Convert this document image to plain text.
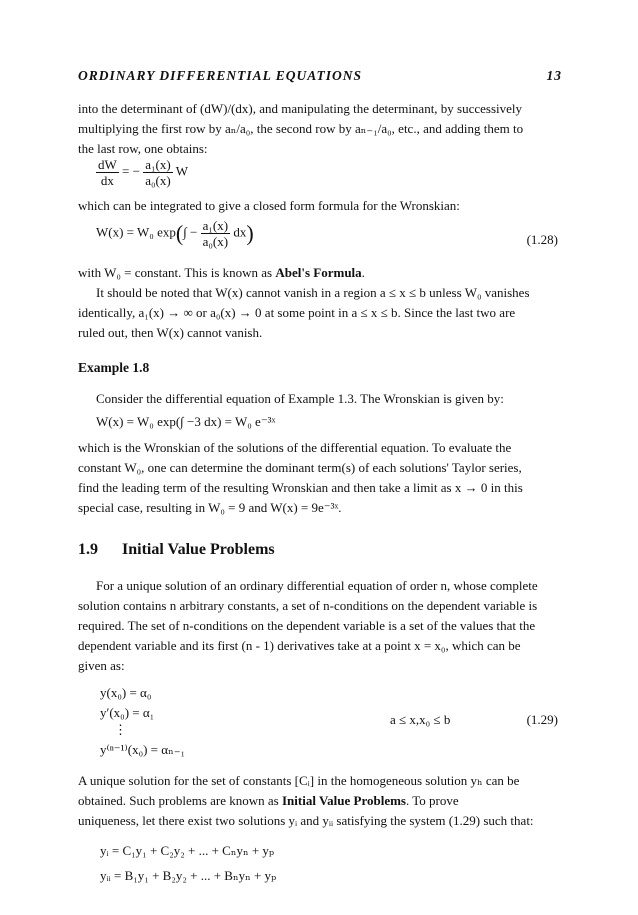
ORDINARY DIFFERENTIAL EQUATIONS	13
into the determinant of (dW)/(dx), and manipulating the determinant, by successively
multiplying the first row by aₙ/a₀, the second row by aₙ₋₁/a₀, etc., and adding them to
the last row, one obtains:
$\frac{dW}{dx}$ = − $\frac{\text{a₁(x)}}{\text{a₀(x)}}$ W
which can be integrated to give a closed form formula for the Wronskian:
W(x) = W₀ $\exp(\int - \frac{\text{a₁(x)}}{\text{a₀(x)}} dx)$	(1.28)
with W₀ = constant. This is known as Abel's Formula.
It should be noted that W(x) cannot vanish in a region a ≤ x ≤ b unless W₀ vanishes
identically, a₁(x) → ∞ or a₀(x) → 0 at some point in a ≤ x ≤ b. Since the last two are
ruled out, then W(x) cannot vanish.
Example 1.8
Consider the differential equation of Example 1.3. The Wronskian is given by:
W(x) = W₀ exp(∫ −3 dx) = W₀ e⁻³ˣ
which is the Wronskian of the solutions of the differential equation. To evaluate the
constant W₀, one can determine the dominant term(s) of each solutions' Taylor series,
find the leading term of the resulting Wronskian and then take a limit as x → 0 in this
special case, resulting in W₀ = 9 and W(x) = 9e⁻³ˣ.
1.9 Initial Value Problems
For a unique solution of an ordinary differential equation of order n, whose complete
solution contains n arbitrary constants, a set of n-conditions on the dependent variable is
required. The set of n-conditions on the dependent variable is a set of the values that the
dependent variable and its first (n - 1) derivatives take at a point x = x₀, which can be
given as:
y(x₀) = α₀
y′(x₀) = α₁
⋮
y⁽ⁿ⁻¹⁾(x₀) = αₙ₋₁
a ≤ x,x₀ ≤ b	(1.29)
A unique solution for the set of constants [Cᵢ] in the homogeneous solution yₕ can be
obtained. Such problems are known as Initial Value Problems. To prove
uniqueness, let there exist two solutions yᵢ and yᵢᵢ satisfying the system (1.29) such that:
yᵢ = C₁y₁ + C₂y₂ + ... + Cₙyₙ + yₚ
yᵢᵢ = B₁y₁ + B₂y₂ + ... + Bₙyₙ + yₚ
